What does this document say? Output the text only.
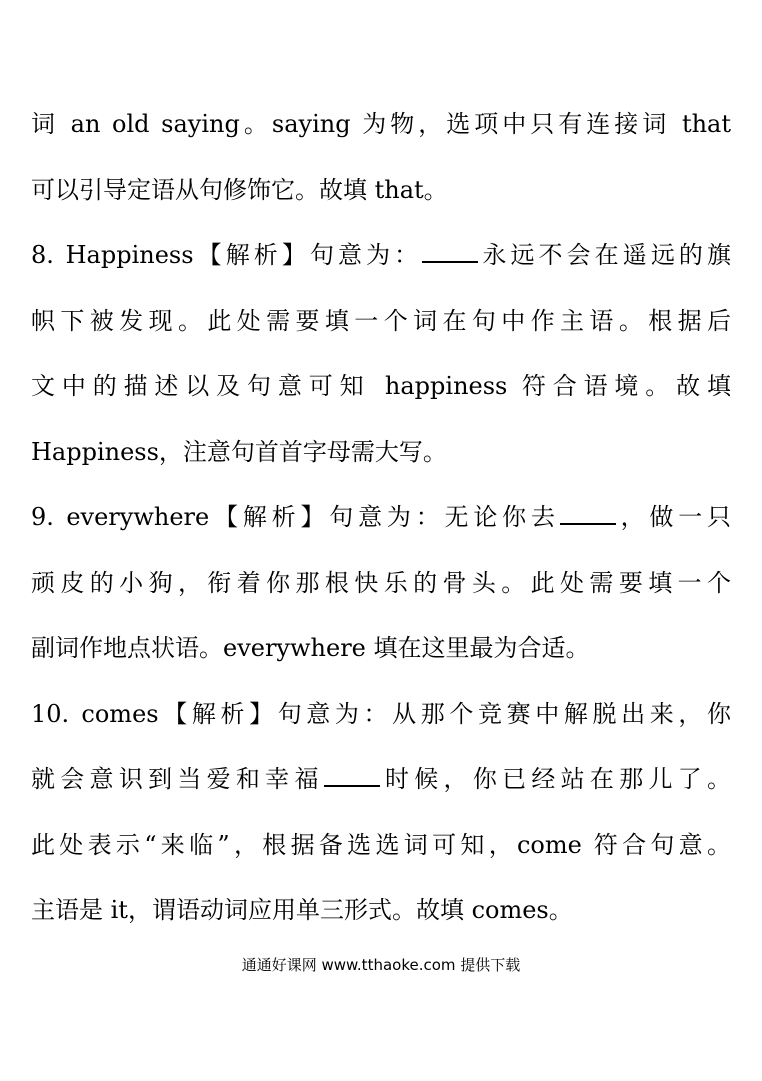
词 an old saying。saying 为物，选项中只有连接词 that
可以引导定语从句修饰它。故填 that。
8. Happiness【解析】句意为： 永远不会在遥远的旗
帜下被发现。此处需要填一个词在句中作主语。根据后
文中的描述以及句意可知 happiness 符合语境。故填
Happiness，注意句首首字母需大写。
9. everywhere【解析】句意为：无论你去 ，做一只
顽皮的小狗，衔着你那根快乐的骨头。此处需要填一个
副词作地点状语。everywhere 填在这里最为合适。
10. comes【解析】句意为：从那个竞赛中解脱出来，你
就会意识到当爱和幸福 时候，你已经站在那儿了。
此处表示“来临”，根据备选选词可知，come 符合句意。
主语是 it，谓语动词应用单三形式。故填 comes。
通通好课网 www.tthaoke.com 提供下载
